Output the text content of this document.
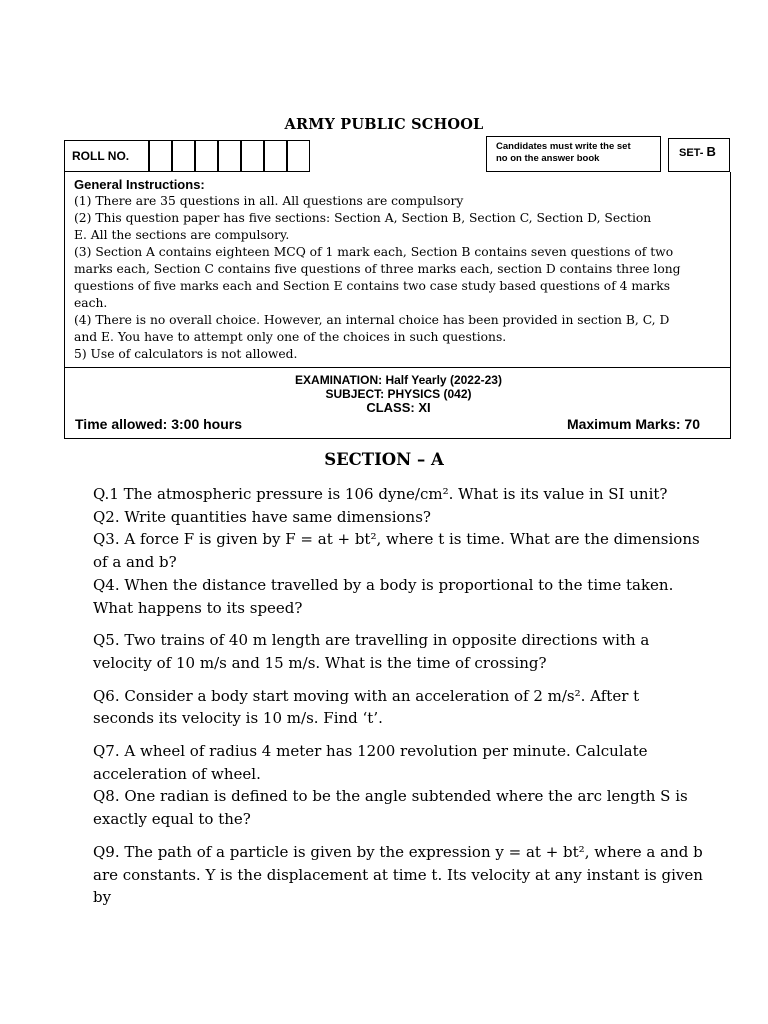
ARMY PUBLIC SCHOOL
ROLL NO.
Candidates must write the set
no on the answer book	SET- B
General Instructions:
(1) There are 35 questions in all. All questions are compulsory
(2) This question paper has five sections: Section A, Section B, Section C, Section D, Section
E. All the sections are compulsory.
(3) Section A contains eighteen MCQ of 1 mark each, Section B contains seven questions of two
marks each, Section C contains five questions of three marks each, section D contains three long
questions of five marks each and Section E contains two case study based questions of 4 marks
each.
(4) There is no overall choice. However, an internal choice has been provided in section B, C, D
and E. You have to attempt only one of the choices in such questions.
5) Use of calculators is not allowed.
EXAMINATION: Half Yearly (2022-23)
SUBJECT: PHYSICS (042)
CLASS: XI
Time allowed: 3:00 hours	Maximum Marks: 70
SECTION – A
Q.1 The atmospheric pressure is 106 dyne/cm². What is its value in SI unit?
Q2. Write quantities have same dimensions?
Q3. A force F is given by F = at + bt², where t is time. What are the dimensions
of a and b?
Q4. When the distance travelled by a body is proportional to the time taken.
What happens to its speed?
Q5. Two trains of 40 m length are travelling in opposite directions with a
velocity of 10 m/s and 15 m/s. What is the time of crossing?
Q6. Consider a body start moving with an acceleration of 2 m/s². After t
seconds its velocity is 10 m/s. Find ‘t’.
Q7. A wheel of radius 4 meter has 1200 revolution per minute. Calculate
acceleration of wheel.
Q8. One radian is defined to be the angle subtended where the arc length S is
exactly equal to the?
Q9. The path of a particle is given by the expression y = at + bt², where a and b
are constants. Y is the displacement at time t. Its velocity at any instant is given
by
